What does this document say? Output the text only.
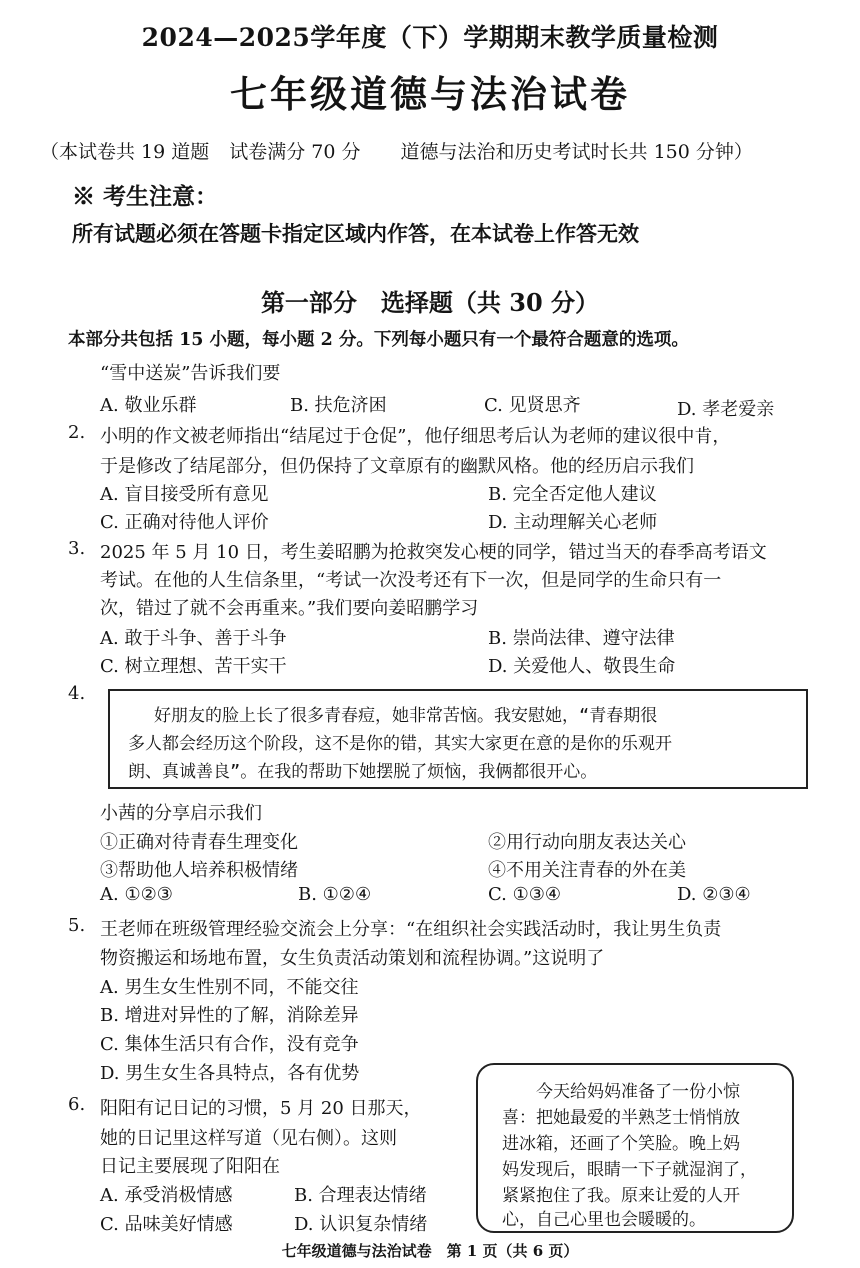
2024—2025学年度（下）学期期末教学质量检测
七年级道德与法治试卷
（本试卷共 19 道题 试卷满分 70 分 道德与法治和历史考试时长共 150 分钟）
※ 考生注意：
所有试题必须在答题卡指定区域内作答，在本试卷上作答无效
第一部分　选择题（共 30 分）
本部分共包括 15 小题，每小题 2 分。下列每小题只有一个最符合题意的选项。
“雪中送炭”告诉我们要
A. 敬业乐群	B. 扶危济困	C. 见贤思齐	D. 孝老爱亲
2. 小明的作文被老师指出“结尾过于仓促”，他仔细思考后认为老师的建议很中肯，
于是修改了结尾部分，但仍保持了文章原有的幽默风格。他的经历启示我们
A. 盲目接受所有意见	B. 完全否定他人建议
C. 正确对待他人评价	D. 主动理解关心老师
3. 2025 年 5 月 10 日，考生姜昭鹏为抢救突发心梗的同学，错过当天的春季高考语文
考试。在他的人生信条里，“考试一次没考还有下一次，但是同学的生命只有一
次，错过了就不会再重来。”我们要向姜昭鹏学习
A. 敢于斗争、善于斗争	B. 崇尚法律、遵守法律
C. 树立理想、苦干实干	D. 关爱他人、敬畏生命
4.
好朋友的脸上长了很多青春痘，她非常苦恼。我安慰她，“青春期很
多人都会经历这个阶段，这不是你的错，其实大家更在意的是你的乐观开
朗、真诚善良”。在我的帮助下她摆脱了烦恼，我俩都很开心。
小茜的分享启示我们
①正确对待青春生理变化	②用行动向朋友表达关心
③帮助他人培养积极情绪	④不用关注青春的外在美
A. ①②③	B. ①②④	C. ①③④	D. ②③④
5. 王老师在班级管理经验交流会上分享：“在组织社会实践活动时，我让男生负责
物资搬运和场地布置，女生负责活动策划和流程协调。”这说明了
A. 男生女生性别不同，不能交往
B. 增进对异性的了解，消除差异
C. 集体生活只有合作，没有竞争
D. 男生女生各具特点，各有优势
6. 阳阳有记日记的习惯，5 月 20 日那天，
她的日记里这样写道（见右侧）。这则
日记主要展现了阳阳在
A. 承受消极情感	B. 合理表达情绪
C. 品味美好情感	D. 认识复杂情绪
今天给妈妈准备了一份小惊
喜：把她最爱的半熟芝士悄悄放
进冰箱，还画了个笑脸。晚上妈
妈发现后，眼睛一下子就湿润了，
紧紧抱住了我。原来让爱的人开
心，自己心里也会暖暖的。
七年级道德与法治试卷　第 1 页（共 6 页）
